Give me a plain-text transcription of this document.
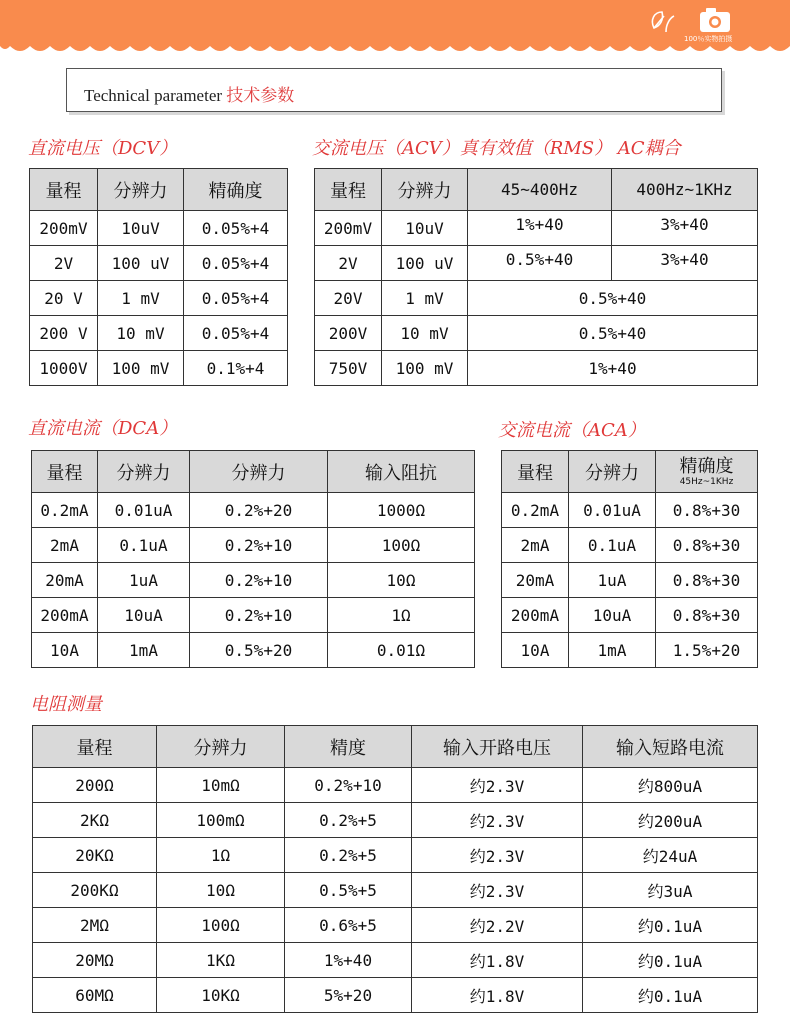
100％实物拍摄
Technical parameter 技术参数
直流电压（DCV）
量程	分辨力	精确度
200mV	10uV	0.05%+4
2V	100 uV	0.05%+4
20 V	1 mV	0.05%+4
200 V	10 mV	0.05%+4
1000V	100 mV	0.1%+4
交流电压（ACV）真有效值（RMS） AC耦合
量程	分辨力	45~400Hz	400Hz~1KHz
200mV	10uV	1%+40	3%+40
2V	100 uV	0.5%+40	3%+40
20V	1 mV	0.5%+40	
200V	10 mV	0.5%+40	
750V	100 mV	1%+40	
直流电流（DCA）
量程	分辨力	分辨力	输入阻抗
0.2mA	0.01uA	0.2%+20	1000Ω
2mA	0.1uA	0.2%+10	100Ω
20mA	1uA	0.2%+10	10Ω
200mA	10uA	0.2%+10	1Ω
10A	1mA	0.5%+20	0.01Ω
交流电流（ACA）
量程	分辨力	精确度
45Hz~1KHz

0.2mA	0.01uA	0.8%+30
2mA	0.1uA	0.8%+30
20mA	1uA	0.8%+30
200mA	10uA	0.8%+30
10A	1mA	1.5%+20
电阻测量
量程	分辨力	精度	输入开路电压	输入短路电流
200Ω	10mΩ	0.2%+10	约2.3V	约800uA
2KΩ	100mΩ	0.2%+5	约2.3V	约200uA
20KΩ	1Ω	0.2%+5	约2.3V	约24uA
200KΩ	10Ω	0.5%+5	约2.3V	约3uA
2MΩ	100Ω	0.6%+5	约2.2V	约0.1uA
20MΩ	1KΩ	1%+40	约1.8V	约0.1uA
60MΩ	10KΩ	5%+20	约1.8V	约0.1uA
